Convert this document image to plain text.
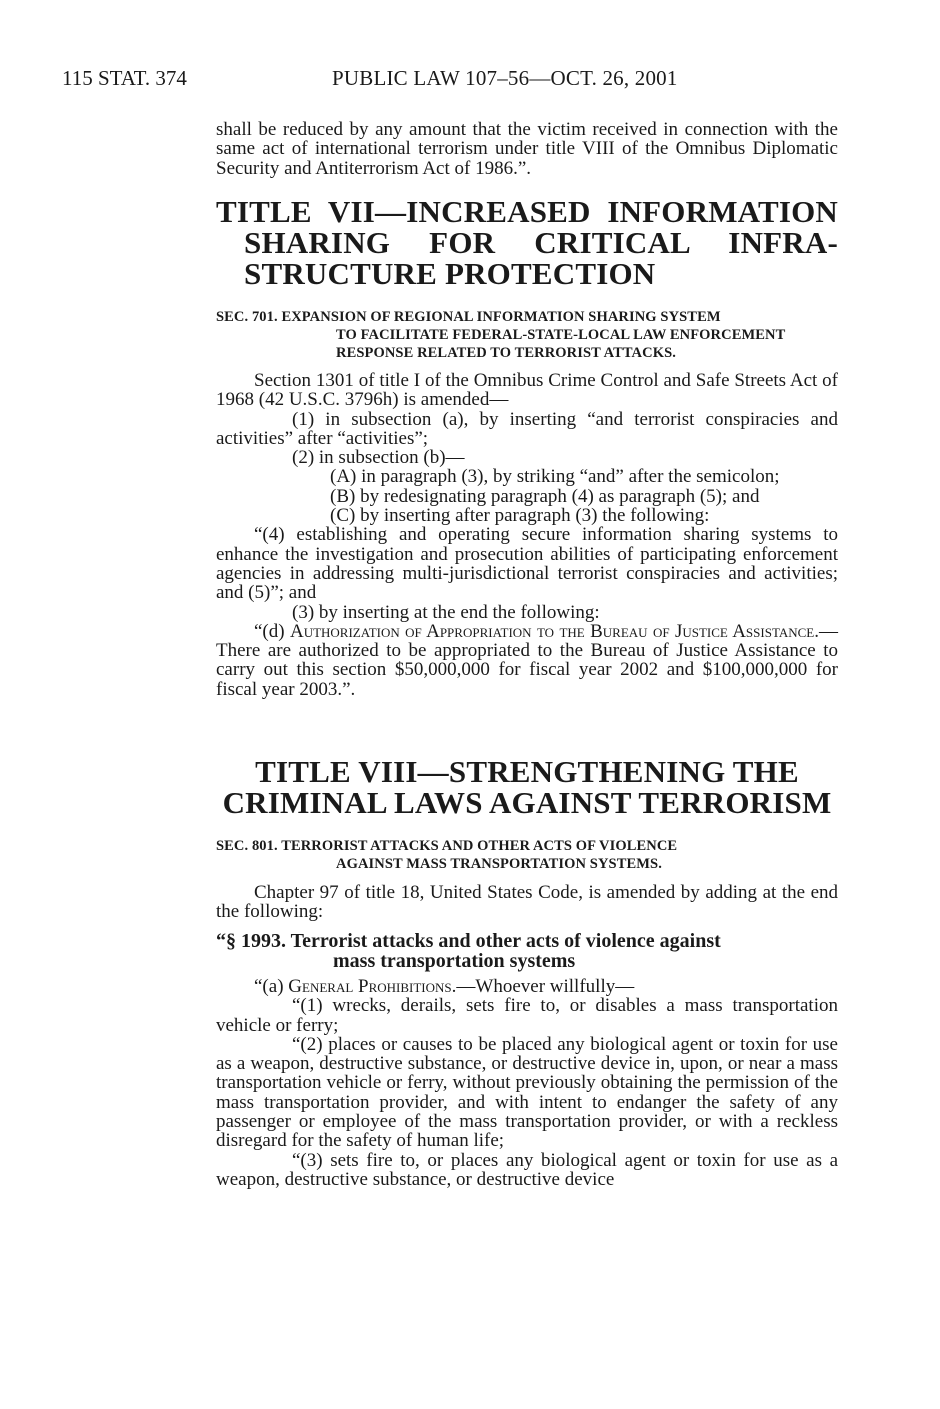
115 STAT. 374	PUBLIC LAW 107–56—OCT. 26, 2001

shall be reduced by any amount that the victim received in connection with the same act of international terrorism under title VIII of the Omnibus Diplomatic Security and Antiterrorism Act of 1986.”.

TITLE VII—INCREASED INFORMATION

SHARING FOR CRITICAL INFRA-

STRUCTURE PROTECTION

SEC. 701. EXPANSION OF REGIONAL INFORMATION SHARING SYSTEM
TO FACILITATE FEDERAL-STATE-LOCAL LAW ENFORCEMENT RESPONSE RELATED TO TERRORIST ATTACKS.

Section 1301 of title I of the Omnibus Crime Control and Safe Streets Act of 1968 (42 U.S.C. 3796h) is amended—

(1) in subsection (a), by inserting “and terrorist conspiracies and activities” after “activities”;

(2) in subsection (b)—

(A) in paragraph (3), by striking “and” after the semicolon;

(B) by redesignating paragraph (4) as paragraph (5); and

(C) by inserting after paragraph (3) the following:

“(4) establishing and operating secure information sharing systems to enhance the investigation and prosecution abilities of participating enforcement agencies in addressing multi-jurisdictional terrorist conspiracies and activities; and (5)”; and

(3) by inserting at the end the following:

“(d) Authorization of Appropriation to the Bureau of Justice Assistance.—There are authorized to be appropriated to the Bureau of Justice Assistance to carry out this section $50,000,000 for fiscal year 2002 and $100,000,000 for fiscal year 2003.”.

TITLE VIII—STRENGTHENING THE

CRIMINAL LAWS AGAINST TERRORISM

SEC. 801. TERRORIST ATTACKS AND OTHER ACTS OF VIOLENCE
AGAINST MASS TRANSPORTATION SYSTEMS.

Chapter 97 of title 18, United States Code, is amended by adding at the end the following:

“§ 1993. Terrorist attacks and other acts of violence against
mass transportation systems

“(a) General Prohibitions.—Whoever willfully—

“(1) wrecks, derails, sets fire to, or disables a mass transportation vehicle or ferry;

“(2) places or causes to be placed any biological agent or toxin for use as a weapon, destructive substance, or destructive device in, upon, or near a mass transportation vehicle or ferry, without previously obtaining the permission of the mass transportation provider, and with intent to endanger the safety of any passenger or employee of the mass transportation provider, or with a reckless disregard for the safety of human life;

“(3) sets fire to, or places any biological agent or toxin for use as a weapon, destructive substance, or destructive device
